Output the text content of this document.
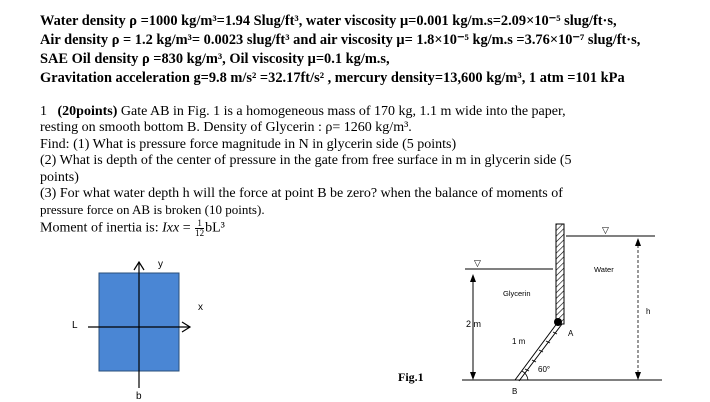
Water density ρ =1000 kg/m³=1.94 Slug/ft³, water viscosity μ=0.001 kg/m.s=2.09×10⁻⁵ slug/ft·s,
Air density ρ = 1.2 kg/m³= 0.0023 slug/ft³ and air viscosity μ= 1.8×10⁻⁵ kg/m.s =3.76×10⁻⁷ slug/ft·s,
SAE Oil density ρ =830 kg/m³, Oil viscosity μ=0.1 kg/m.s,
Gravitation acceleration g=9.8 m/s² =32.17ft/s² , mercury density=13,600 kg/m³, 1 atm =101 kPa
1 (20points) Gate AB in Fig. 1 is a homogeneous mass of 170 kg, 1.1 m wide into the paper,
resting on smooth bottom B. Density of Glycerin : ρ= 1260 kg/m³.
Find: (1) What is pressure force magnitude in N in glycerin side (5 points)
(2) What is depth of the center of pressure in the gate from free surface in m in glycerin side (5
points)
(3) For what water depth h will the force at point B be zero? when the balance of moments of
pressure force on AB is broken (10 points).
Moment of inertia is: Ixx = $\frac{1}{12} bL^3$
y
x
L
b
▽
2 m
A
B
1 m
60°
Glycerin
▽
Water
h
Fig.1
